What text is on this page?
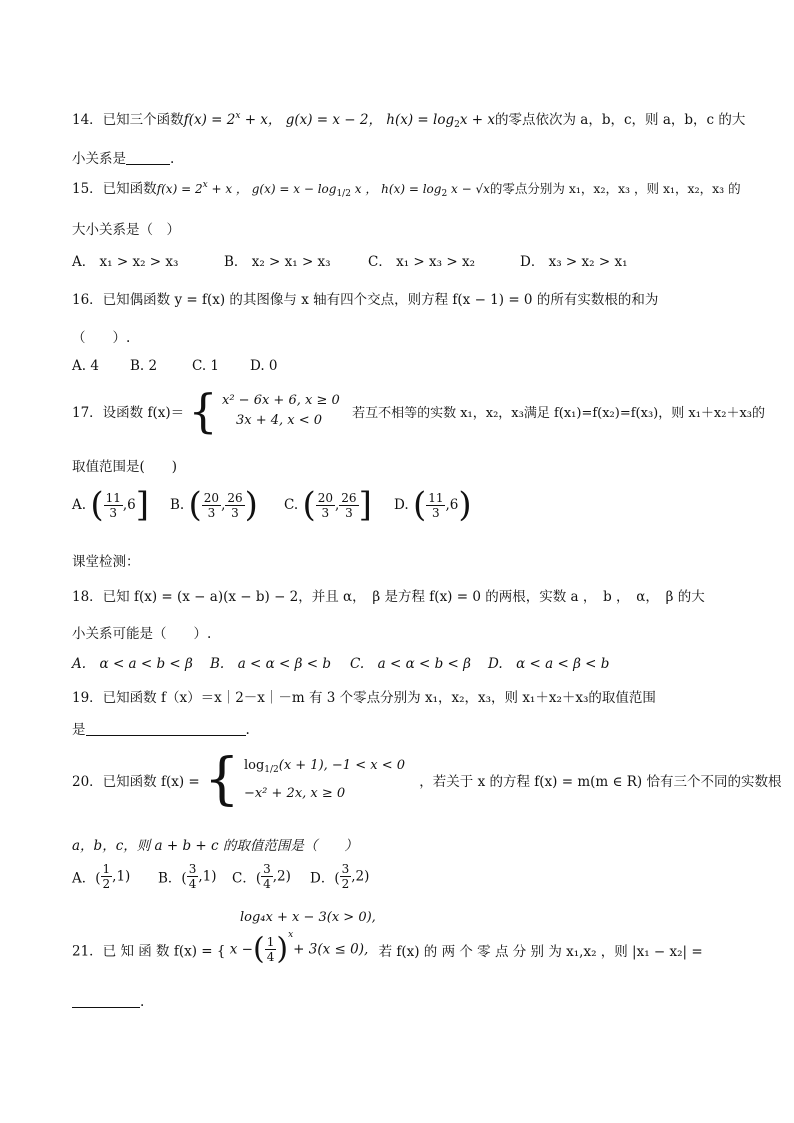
14．已知三个函数$f(x) = 2^x + x$， g(x) = x − 2， $h(x) = \log_2x + x$的零点依次为 a，b，c，则 a，b，c 的大
小关系是	.
15．已知函数$f(x) = 2^x + x$ ， $g(x) = x - \log_{1/2} x$ ， $h(x) = \log_2 x - √x$的零点分别为 x₁，x₂，x₃ ，则 x₁，x₂，x₃ 的
大小关系是（　）
A． x₁ > x₂ > x₃	B． x₂ > x₁ > x₃	C． x₁ > x₃ > x₂	D． x₃ > x₂ > x₁
16．已知偶函数 y = f(x) 的其图像与 x 轴有四个交点，则方程 f(x − 1) = 0 的所有实数根的和为
（　　）.
A. 4 B. 2	C. 1 D. 0
17．设函数 f(x)＝ { x² − 6x + 6, x ≥ 0
3x + 4, x < 0	若互不相等的实数 x₁，x₂，x₃满足 f(x₁)=f(x₂)=f(x₃)，则 x₁＋x₂＋x₃的
取值范围是(　　)
A. ( $\frac{11}{3} ,6$] B. ( $\frac{20}{3}$ , $\frac{26}{3}$ ) C. ( $\frac{20}{3}$ , $\frac{26}{3}$ ] D. ( $\frac{11}{3} ,6$)
课堂检测：
18．已知 f(x) = (x − a)(x − b) − 2，并且 α，　β 是方程 f(x) = 0 的两根，实数 a ，　b ，　α，　β 的大
小关系可能是（　　）.
A.　α < a < b < β B.　a < α < β < b C.　a < α < b < β D.　α < a < β < b
19．已知函数 f（x）＝x｜2－x｜－m 有 3 个零点分别为 x₁，x₂，x₃，则 x₁＋x₂＋x₃的取值范围
是	.
20．已知函数 f(x) = { $\log_{1/2}(x + 1)$, −1 < x < 0
−x² + 2x, x ≥ 0
，若关于 x 的方程 f(x) = m(m ∈ R) 恰有三个不同的实数根
a，b，c，则 a + b + c 的取值范围是（　　）
A．( $\frac{1}{2} ,1$) B．( $\frac{3}{4} ,1$) C．( $\frac{3}{4} ,2$) D．( $\frac{3}{2} ,2$)
log₄x + x − 3(x > 0),
21．已 知 函 数 f(x) = { x −( $\frac{1}{4} )^x+ 3(x \le 0)$, 若 f(x) 的 两 个 零 点 分 别 为 x₁,x₂ ，则 |x₁ − x₂| =
.
